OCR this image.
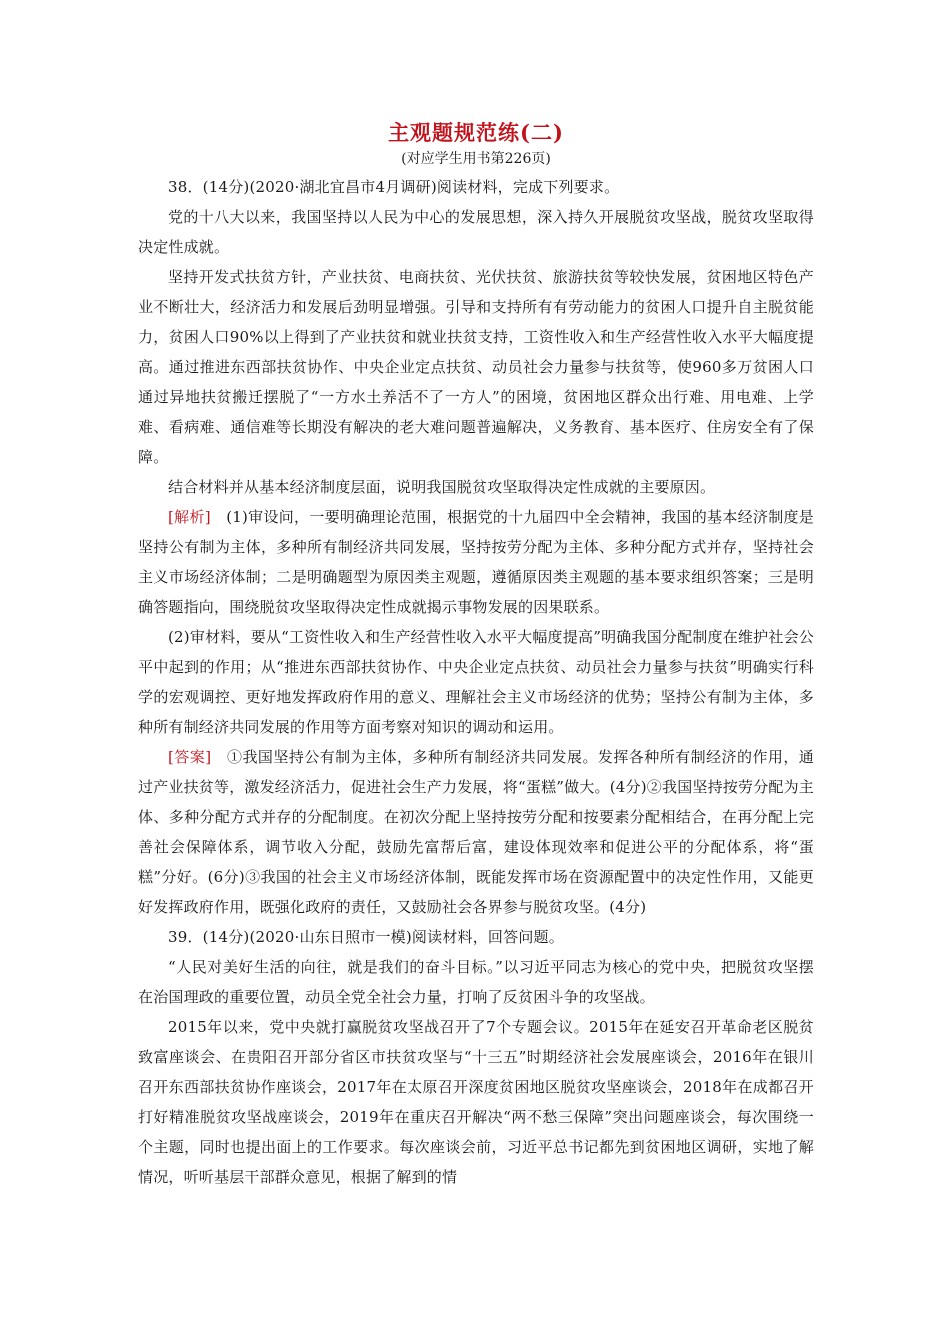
主观题规范练(二)
(对应学生用书第226页)

38．(14分)(2020·湖北宜昌市4月调研)阅读材料，完成下列要求。

党的十八大以来，我国坚持以人民为中心的发展思想，深入持久开展脱贫攻坚战，脱贫攻坚取得决定性成就。

坚持开发式扶贫方针，产业扶贫、电商扶贫、光伏扶贫、旅游扶贫等较快发展，贫困地区特色产业不断壮大，经济活力和发展后劲明显增强。引导和支持所有有劳动能力的贫困人口提升自主脱贫能力，贫困人口90%以上得到了产业扶贫和就业扶贫支持，工资性收入和生产经营性收入水平大幅度提高。通过推进东西部扶贫协作、中央企业定点扶贫、动员社会力量参与扶贫等，使960多万贫困人口通过异地扶贫搬迁摆脱了“一方水土养活不了一方人”的困境，贫困地区群众出行难、用电难、上学难、看病难、通信难等长期没有解决的老大难问题普遍解决，义务教育、基本医疗、住房安全有了保障。

结合材料并从基本经济制度层面，说明我国脱贫攻坚取得决定性成就的主要原因。

[解析]　 (1)审设问，一要明确理论范围，根据党的十九届四中全会精神，我国的基本经济制度是坚持公有制为主体，多种所有制经济共同发展，坚持按劳分配为主体、多种分配方式并存，坚持社会主义市场经济体制；二是明确题型为原因类主观题，遵循原因类主观题的基本要求组织答案；三是明确答题指向，围绕脱贫攻坚取得决定性成就揭示事物发展的因果联系。

(2)审材料，要从“工资性收入和生产经营性收入水平大幅度提高”明确我国分配制度在维护社会公平中起到的作用；从“推进东西部扶贫协作、中央企业定点扶贫、动员社会力量参与扶贫”明确实行科学的宏观调控、更好地发挥政府作用的意义、理解社会主义市场经济的优势；坚持公有制为主体，多种所有制经济共同发展的作用等方面考察对知识的调动和运用。

[答案]　 ①我国坚持公有制为主体，多种所有制经济共同发展。发挥各种所有制经济的作用，通过产业扶贫等，激发经济活力，促进社会生产力发展，将“蛋糕”做大。(4分)②我国坚持按劳分配为主体、多种分配方式并存的分配制度。在初次分配上坚持按劳分配和按要素分配相结合，在再分配上完善社会保障体系，调节收入分配，鼓励先富帮后富，建设体现效率和促进公平的分配体系，将“蛋糕”分好。(6分)③我国的社会主义市场经济体制，既能发挥市场在资源配置中的决定性作用，又能更好发挥政府作用，既强化政府的责任，又鼓励社会各界参与脱贫攻坚。(4分)

39．(14分)(2020·山东日照市一模)阅读材料，回答问题。

“人民对美好生活的向往，就是我们的奋斗目标。”以习近平同志为核心的党中央，把脱贫攻坚摆在治国理政的重要位置，动员全党全社会力量，打响了反贫困斗争的攻坚战。

2015年以来，党中央就打赢脱贫攻坚战召开了7个专题会议。2015年在延安召开革命老区脱贫致富座谈会、在贵阳召开部分省区市扶贫攻坚与“十三五”时期经济社会发展座谈会，2016年在银川召开东西部扶贫协作座谈会，2017年在太原召开深度贫困地区脱贫攻坚座谈会，2018年在成都召开打好精准脱贫攻坚战座谈会，2019年在重庆召开解决“两不愁三保障”突出问题座谈会，每次围绕一个主题，同时也提出面上的工作要求。每次座谈会前，习近平总书记都先到贫困地区调研，实地了解情况，听听基层干部群众意见，根据了解到的情
